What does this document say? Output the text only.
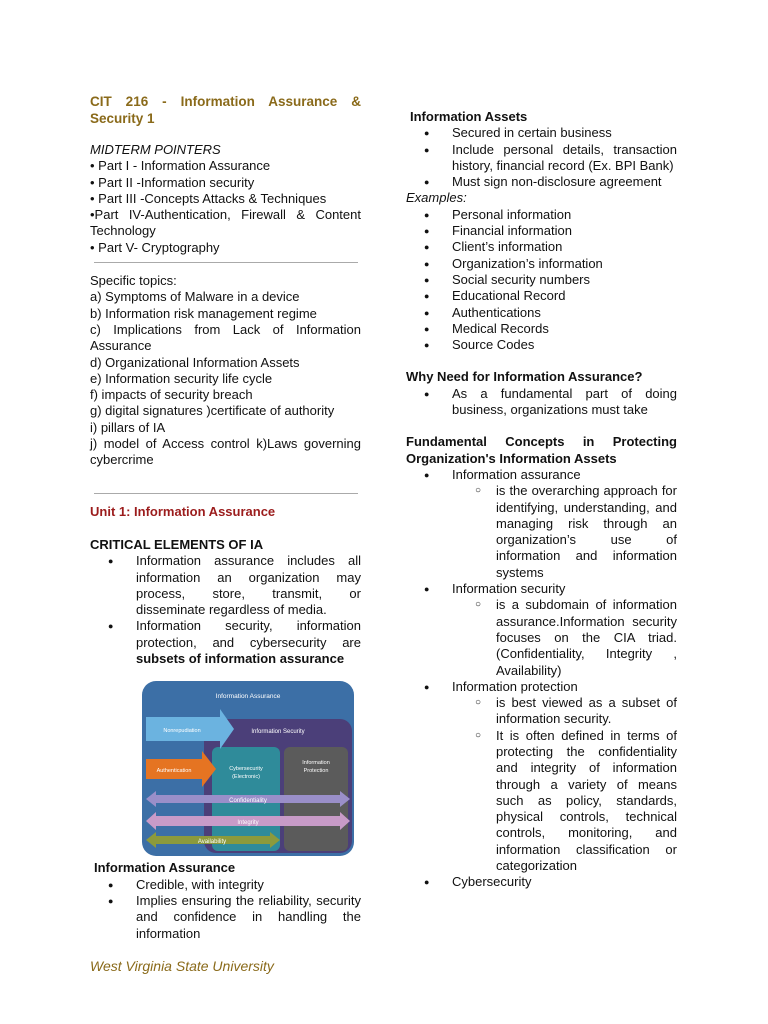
CIT 216 - Information Assurance & Security 1
MIDTERM POINTERS
• Part I - Information Assurance
• Part II -Information security
• Part III -Concepts Attacks & Techniques
•Part IV-Authentication, Firewall & Content Technology
• Part V- Cryptography
Specific topics:
a) Symptoms of Malware in a device
b) Information risk management regime
c) Implications from Lack of Information Assurance
d) Organizational Information Assets
e) Information security life cycle
f) impacts of security breach
g) digital signatures )certificate of authority
i) pillars of IA
j) model of Access control k)Laws governing cybercrime
Unit 1: Information Assurance
CRITICAL ELEMENTS OF IA
● Information assurance includes all information an organization may process, store, transmit, or disseminate regardless of media.
● Information security, information protection, and cybersecurity are subsets of information assurance
Information Assurance
Information Security
Cybersecurity
(Electronic)
Information
Protection
Nonrepudiation
Authentication
Confidentiality
Integrity
Availability
Information Assurance
● Credible, with integrity
● Implies ensuring the reliability, security and confidence in handling the information
Information Assets
● Secured in certain business
● Include personal details, transaction history, financial record (Ex. BPI Bank)
● Must sign non-disclosure agreement
Examples:
● Personal information
● Financial information
● Client’s information
● Organization’s information
● Social security numbers
● Educational Record
● Authentications
● Medical Records
● Source Codes
Why Need for Information Assurance?
● As a fundamental part of doing business, organizations must take
Fundamental Concepts in Protecting Organization's Information Assets
● Information assurance
○ is the overarching approach for identifying, understanding, and managing risk through an organization’s use of information and information systems
● Information security
○ is a subdomain of information assurance.Information security focuses on the CIA triad. (Confidentiality, Integrity , Availability)
● Information protection
○ is best viewed as a subset of information security.
○ It is often defined in terms of protecting the confidentiality and integrity of information through a variety of means such as policy, standards, physical controls, technical controls, monitoring, and information classification or categorization
● Cybersecurity
West Virginia State University
